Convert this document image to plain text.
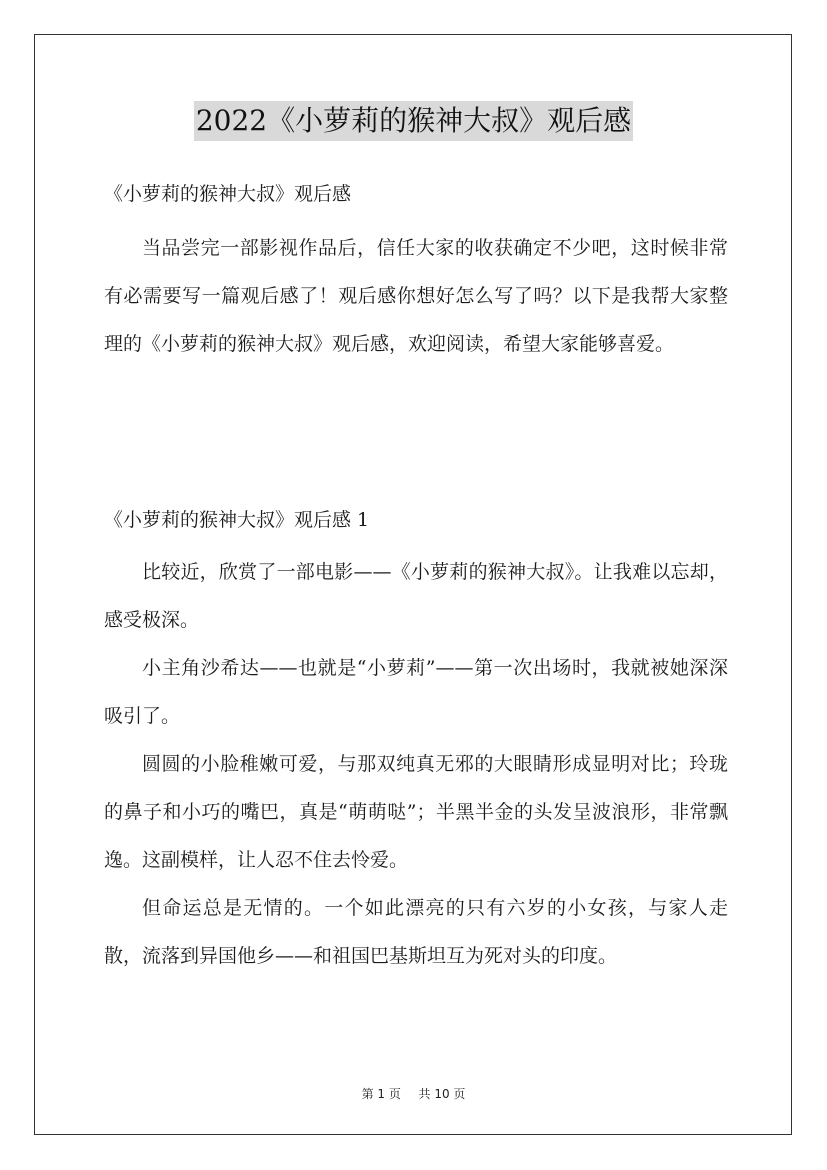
2022《小萝莉的猴神大叔》观后感
《小萝莉的猴神大叔》观后感

当品尝完一部影视作品后，信任大家的收获确定不少吧，这时候非常有必需要写一篇观后感了！观后感你想好怎么写了吗？以下是我帮大家整理的《小萝莉的猴神大叔》观后感，欢迎阅读，希望大家能够喜爱。

《小萝莉的猴神大叔》观后感 1

比较近，欣赏了一部电影——《小萝莉的猴神大叔》。让我难以忘却，感受极深。

小主角沙希达——也就是“小萝莉”——第一次出场时，我就被她深深吸引了。

圆圆的小脸稚嫩可爱，与那双纯真无邪的大眼睛形成显明对比；玲珑的鼻子和小巧的嘴巴，真是“萌萌哒”；半黑半金的头发呈波浪形，非常飘逸。这副模样，让人忍不住去怜爱。

但命运总是无情的。一个如此漂亮的只有六岁的小女孩，与家人走散，流落到异国他乡——和祖国巴基斯坦互为死对头的印度。

第 1 页 共 10 页
